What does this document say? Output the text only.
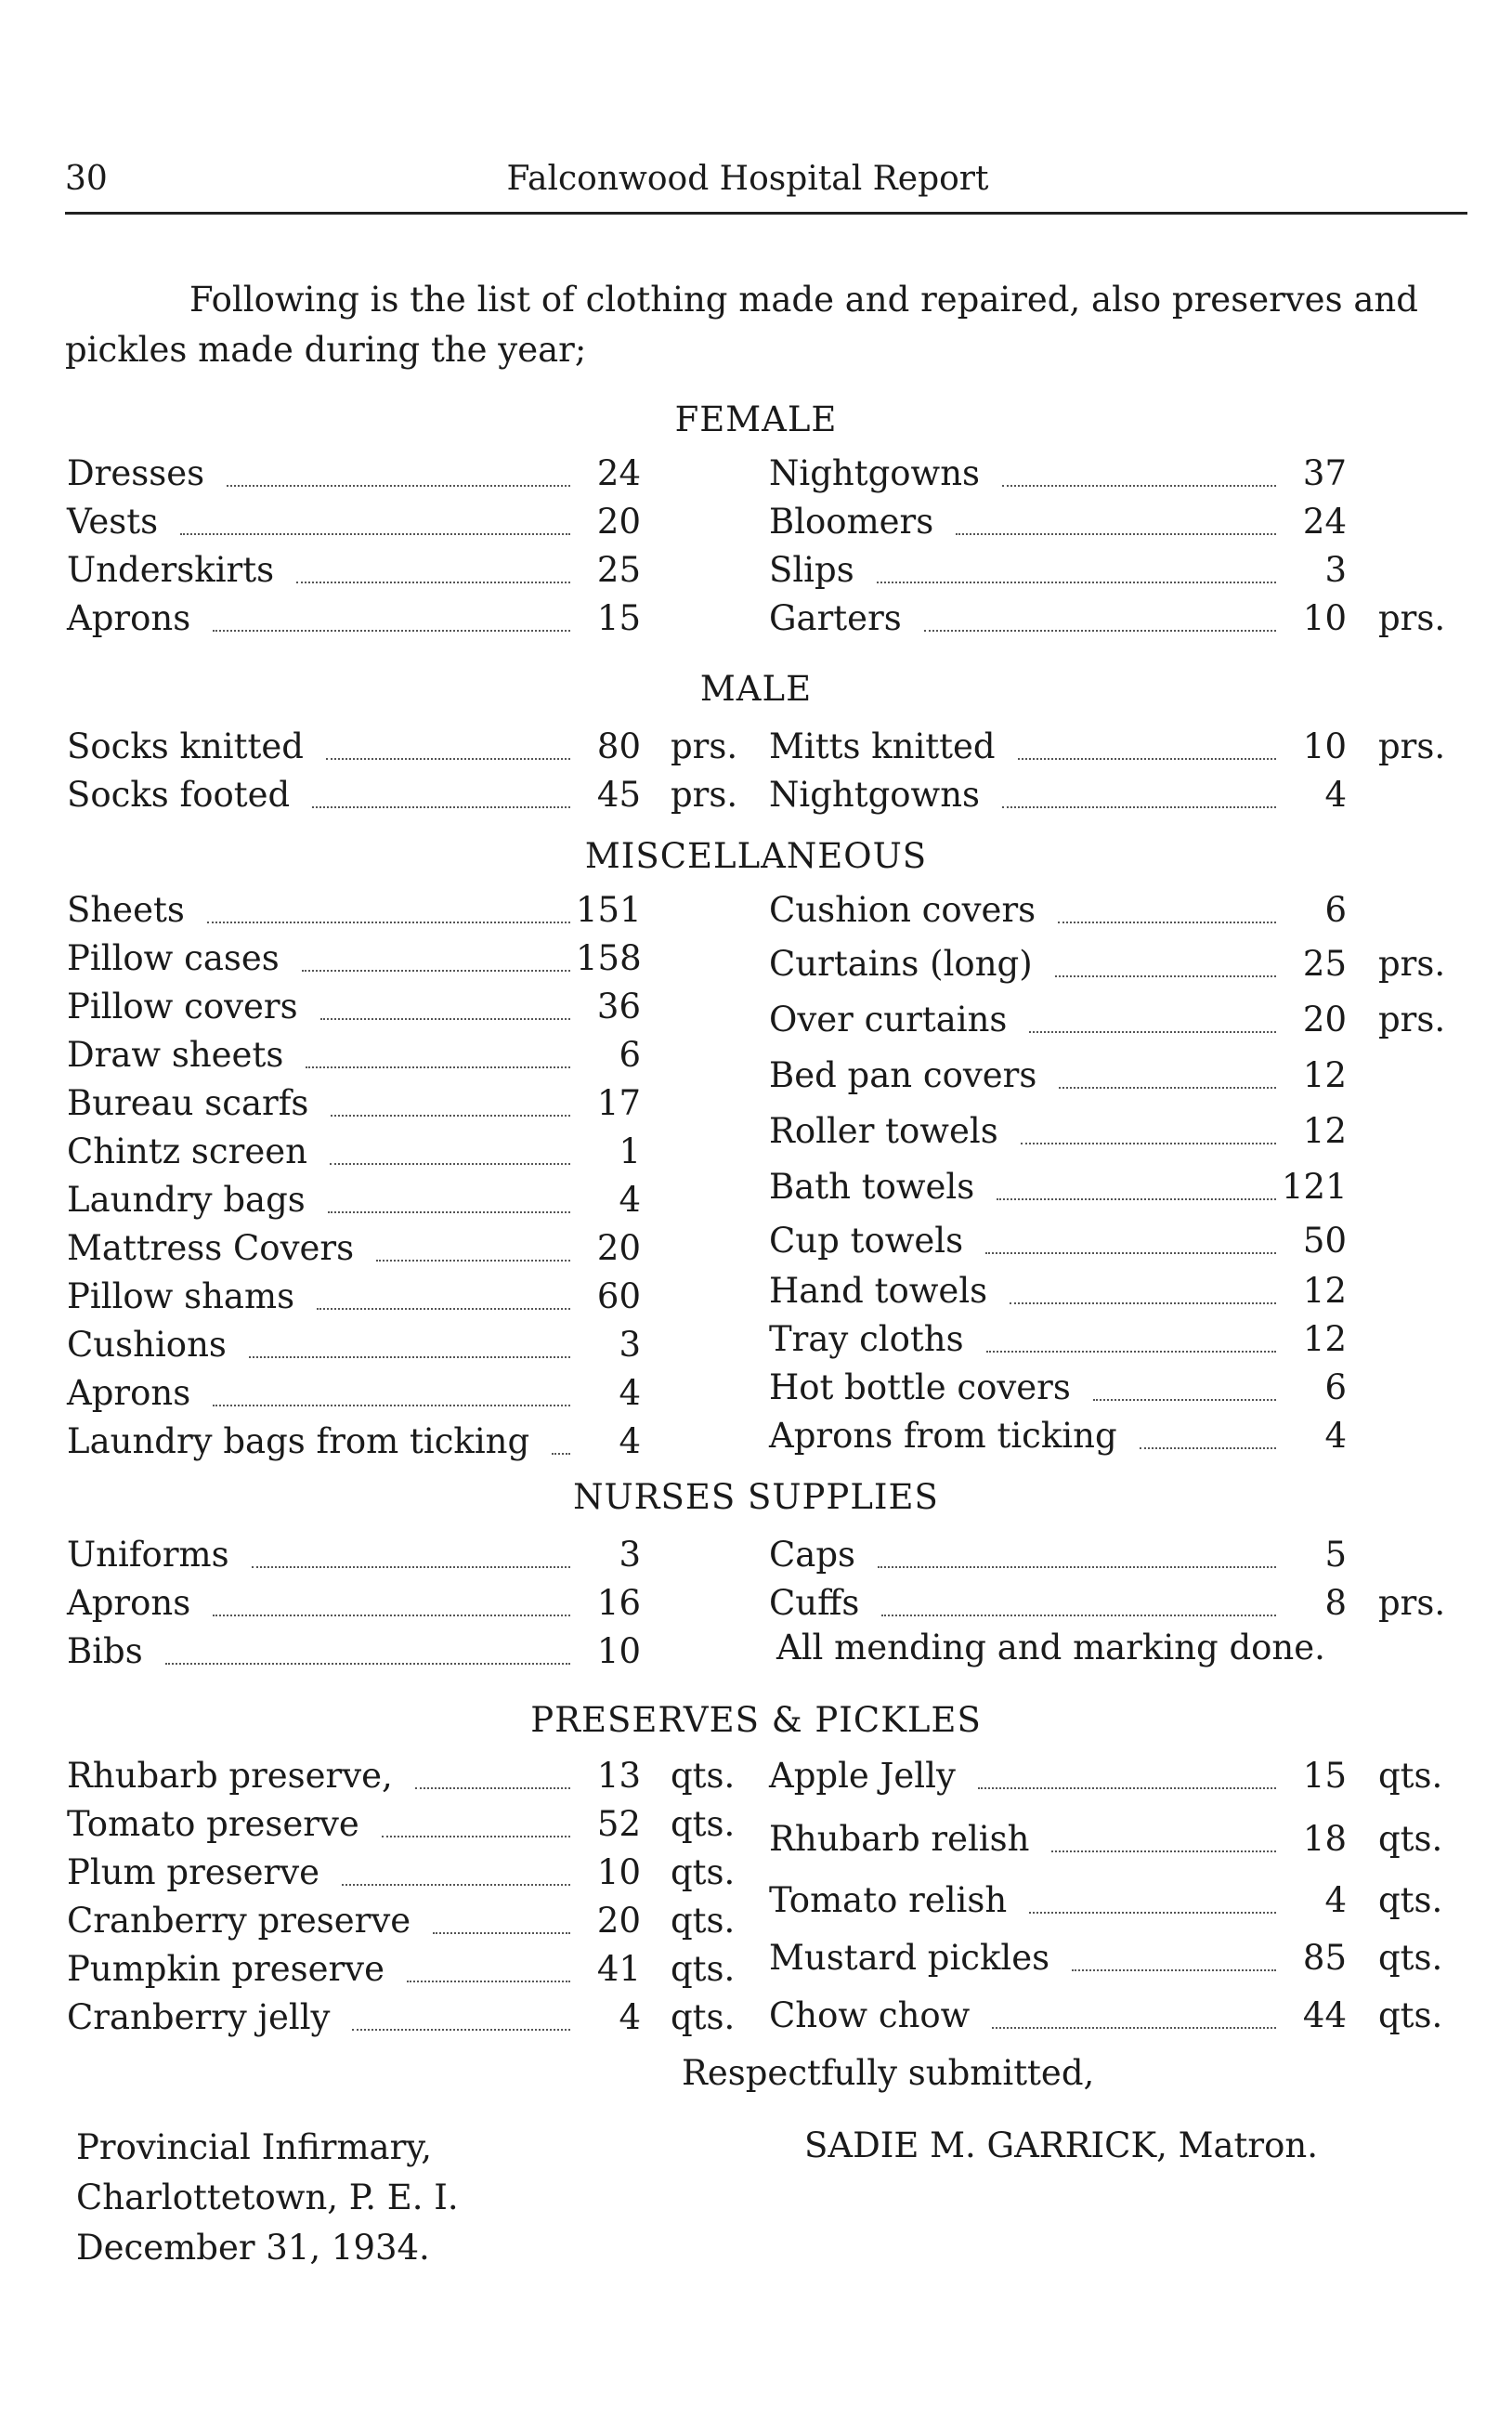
30	Falconwood Hospital Report

Following is the list of clothing made and repaired, also preserves and pickles made during the year;

FEMALE
MALE
MISCELLANEOUS
NURSES SUPPLIES
PRESERVES & PICKLES
Dresses	24
Vests	20
Underskirts	25
Aprons	15
Nightgowns	37
Bloomers	24
Slips	3
Garters	10 prs.
Socks knitted	80 prs.
Socks footed	45 prs.
Mitts knitted	10 prs.
Nightgowns	4
Sheets	151
Pillow cases	158
Pillow covers	36
Draw sheets	6
Bureau scarfs	17
Chintz screen	1
Laundry bags	4
Mattress Covers	20
Pillow shams	60
Cushions	3
Aprons	4
Laundry bags from ticking	4
Cushion covers	6
Curtains (long)	25 prs.
Over curtains	20 prs.
Bed pan covers	12
Roller towels	12
Bath towels	121
Cup towels	50
Hand towels	12
Tray cloths	12
Hot bottle covers	6
Aprons from ticking	4
Uniforms	3
Aprons	16
Bibs	10
Caps	5
Cuffs	8 prs.
Rhubarb preserve,	13 qts.
Tomato preserve	52 qts.
Plum preserve	10 qts.
Cranberry preserve	20 qts.
Pumpkin preserve	41 qts.
Cranberry jelly	4 qts.
Apple Jelly	15 qts.
Rhubarb relish	18 qts.
Tomato relish	4 qts.
Mustard pickles	85 qts.
Chow chow	44 qts.
All mending and marking done.
Respectfully submitted,
SADIE M. GARRICK, Matron.
Provincial Infirmary,
Charlottetown, P. E. I.
December 31, 1934.
